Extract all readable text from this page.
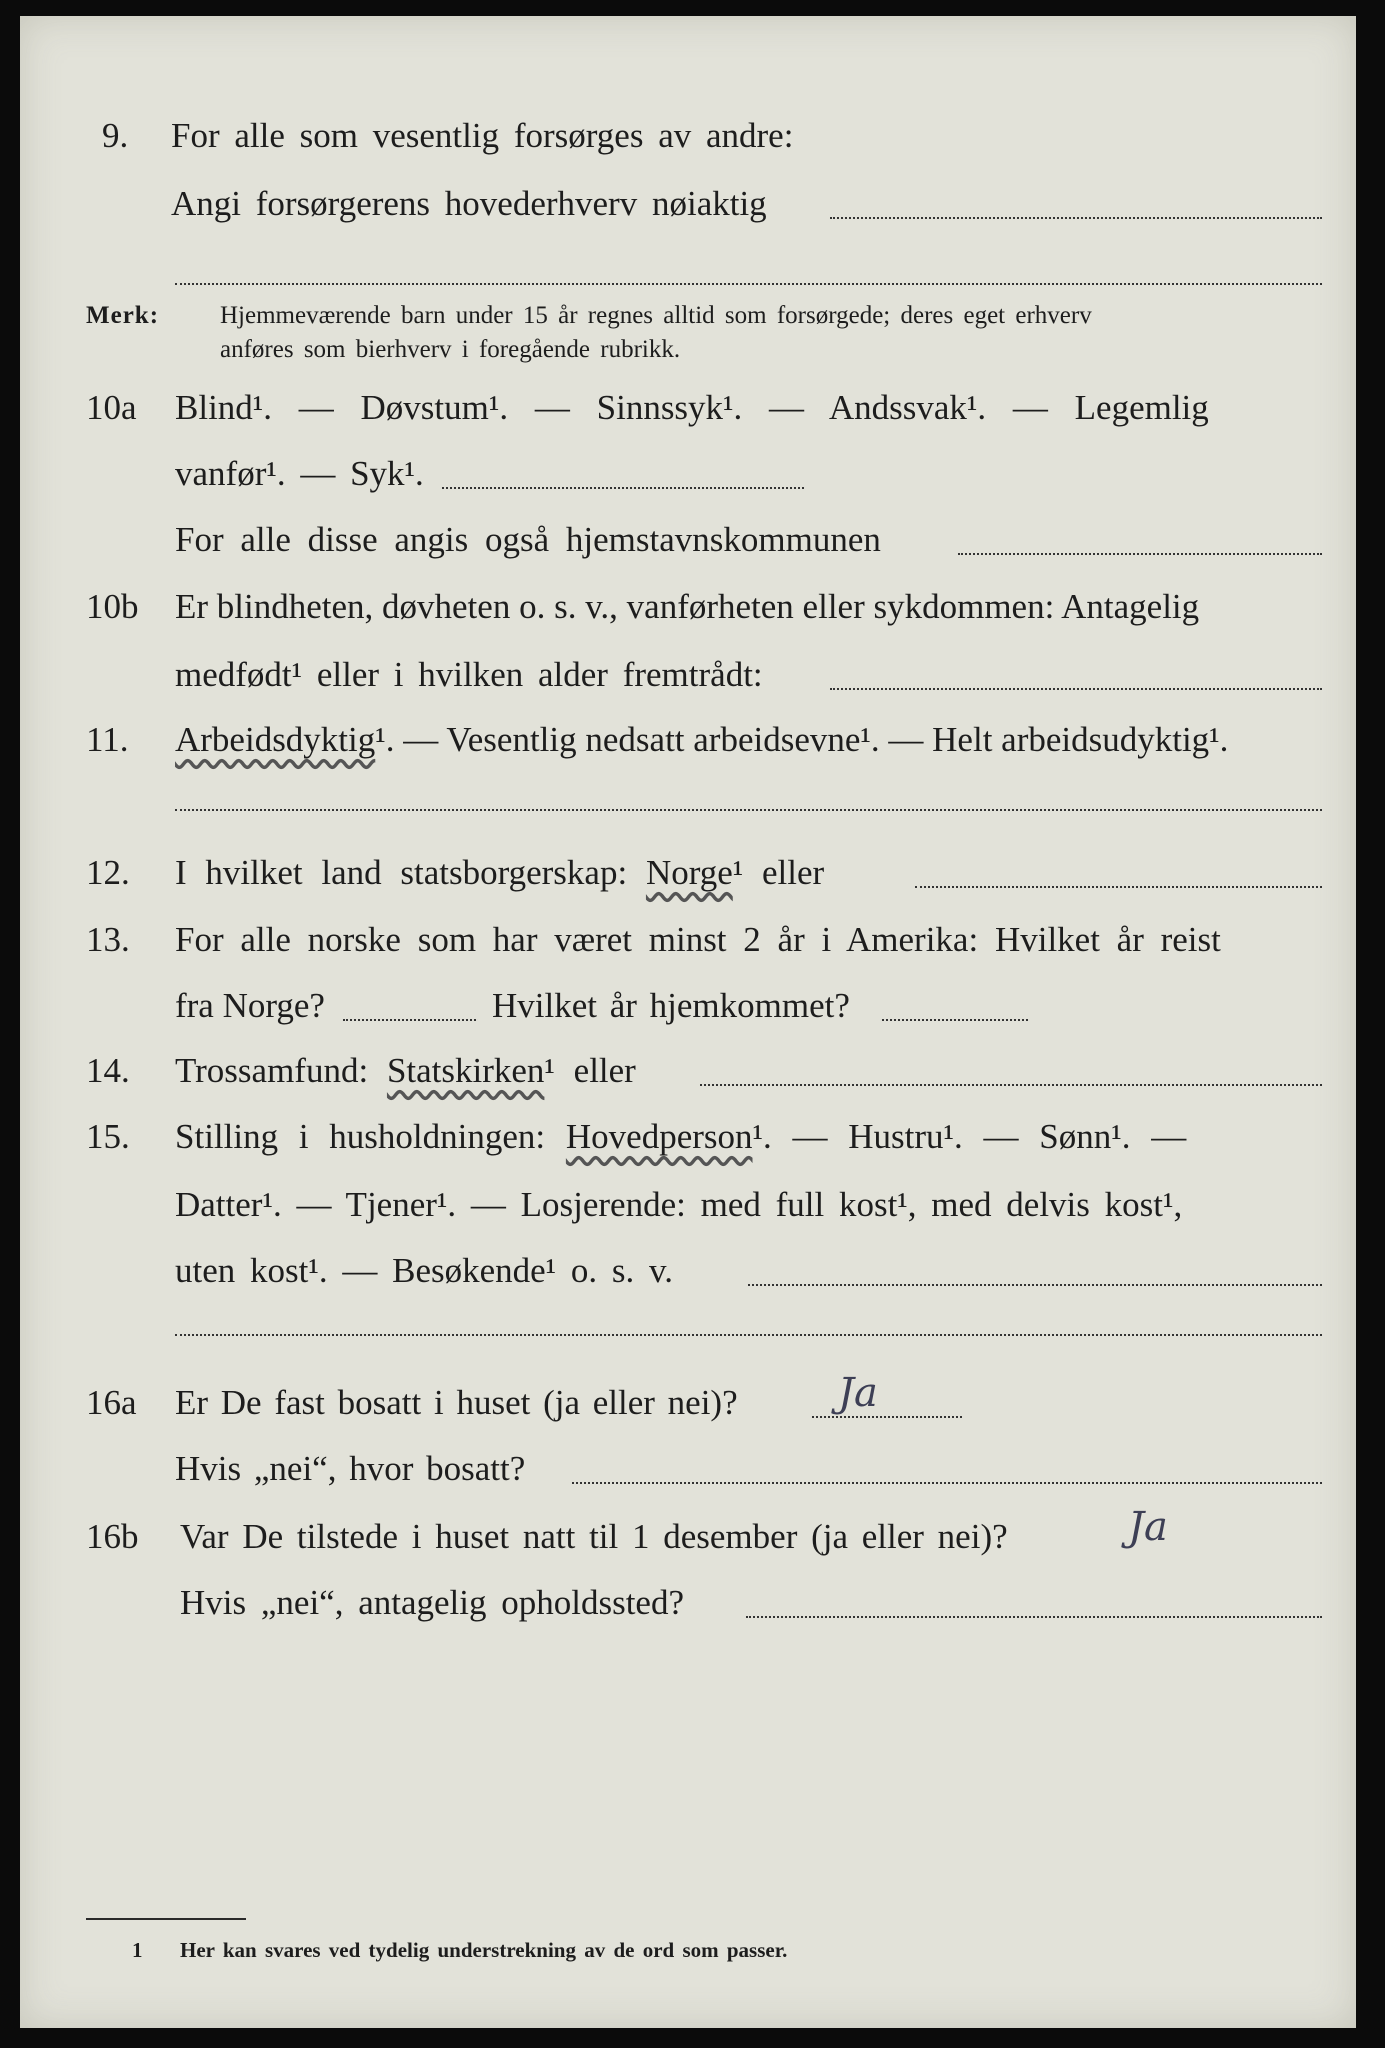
9. For alle som vesentlig forsørges av andre:
Angi forsørgerens hovederhverv nøiaktig
Merk: Hjemmeværende barn under 15 år regnes alltid som forsørgede; deres eget erhverv
anføres som bierhverv i foregående rubrikk.
10a Blind¹. — Døvstum¹. — Sinnssyk¹. — Andssvak¹. — Legemlig
vanfør¹. — Syk¹.
For alle disse angis også hjemstavnskommunen
10b Er blindheten, døvheten o. s. v., vanførheten eller sykdommen: Antagelig
medfødt¹ eller i hvilken alder fremtrådt:
11. Arbeidsdyktig¹. — Vesentlig nedsatt arbeidsevne¹. — Helt arbeidsudyktig¹.
12. I hvilket land statsborgerskap: Norge¹ eller
13. For alle norske som har været minst 2 år i Amerika: Hvilket år reist
fra Norge?	Hvilket år hjemkommet?
14. Trossamfund: Statskirken¹ eller
15. Stilling i husholdningen: Hovedperson¹. — Hustru¹. — Sønn¹. —
Datter¹. — Tjener¹. — Losjerende: med full kost¹, med delvis kost¹,
uten kost¹. — Besøkende¹ o. s. v.
16a Er De fast bosatt i huset (ja eller nei)?	Ja
Hvis „nei“, hvor bosatt?
16b Var De tilstede i huset natt til 1 desember (ja eller nei)?	Ja
Hvis „nei“, antagelig opholdssted?
1 Her kan svares ved tydelig understrekning av de ord som passer.
